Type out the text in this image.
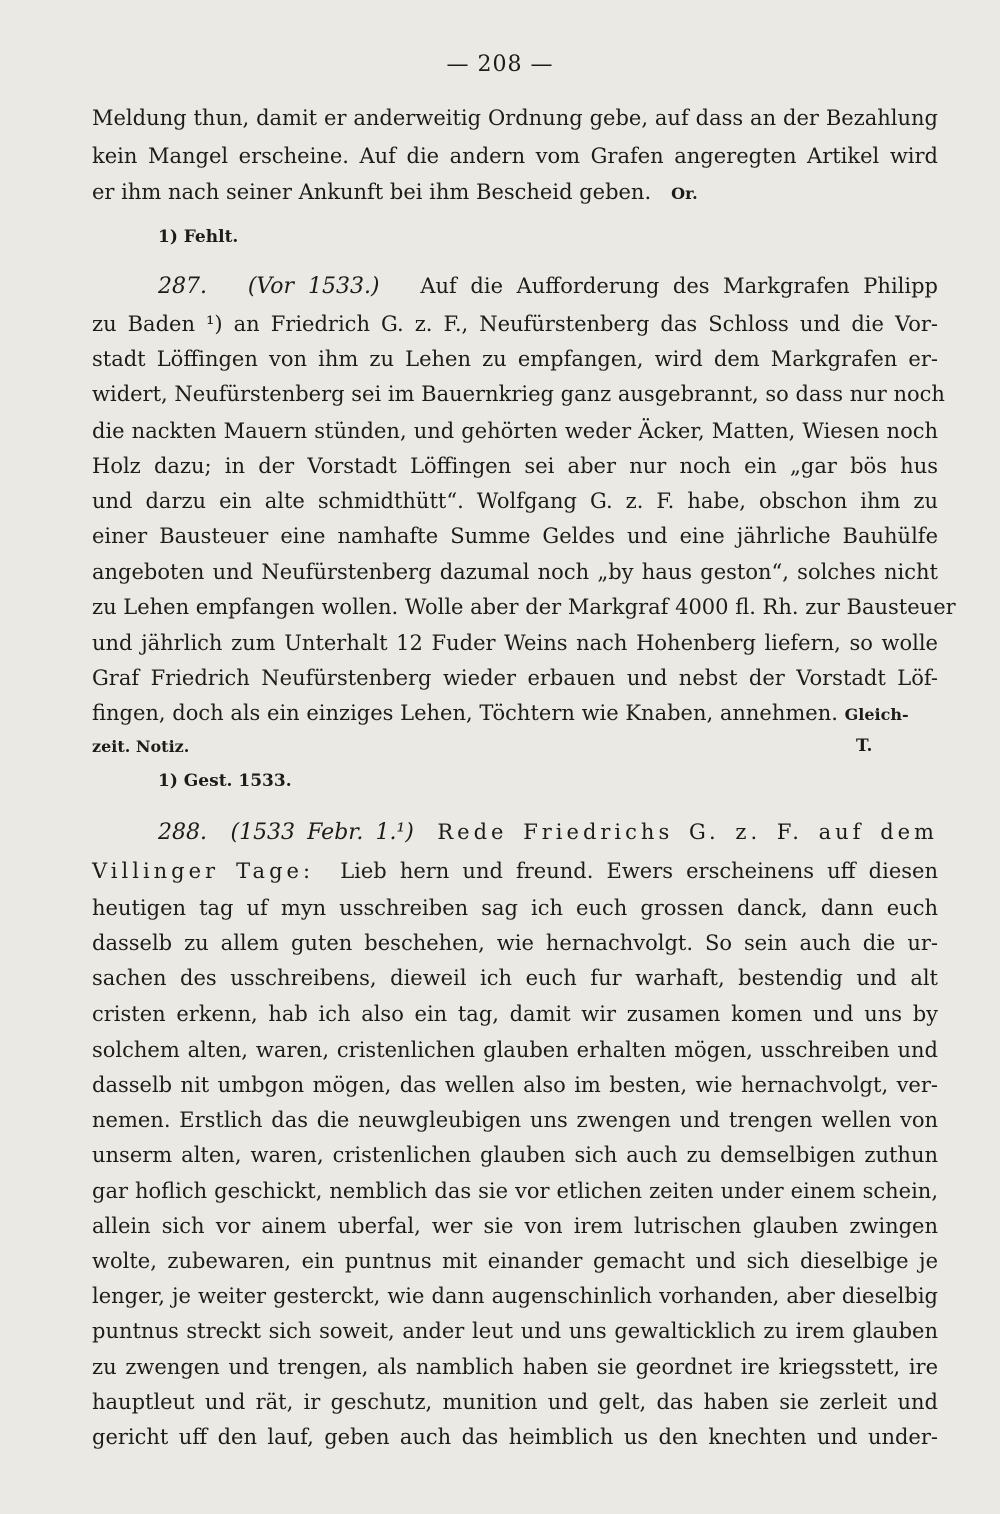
— 208 —
Meldung thun, damit er anderweitig Ordnung gebe, auf dass an der Bezahlung
kein Mangel erscheine. Auf die andern vom Grafen angeregten Artikel wird
er ihm nach seiner Ankunft bei ihm Bescheid geben. Or.
1) Fehlt.
287. (Vor 1533.) Auf die Aufforderung des Markgrafen Philipp
zu Baden ¹) an Friedrich G. z. F., Neufürstenberg das Schloss und die Vor-
stadt Löffingen von ihm zu Lehen zu empfangen, wird dem Markgrafen er-
widert, Neufürstenberg sei im Bauernkrieg ganz ausgebrannt, so dass nur noch
die nackten Mauern stünden, und gehörten weder Äcker, Matten, Wiesen noch
Holz dazu; in der Vorstadt Löffingen sei aber nur noch ein „gar bös hus
und darzu ein alte schmidthütt“. Wolfgang G. z. F. habe, obschon ihm zu
einer Bausteuer eine namhafte Summe Geldes und eine jährliche Bauhülfe
angeboten und Neufürstenberg dazumal noch „by haus geston“, solches nicht
zu Lehen empfangen wollen. Wolle aber der Markgraf 4000 fl. Rh. zur Bausteuer
und jährlich zum Unterhalt 12 Fuder Weins nach Hohenberg liefern, so wolle
Graf Friedrich Neufürstenberg wieder erbauen und nebst der Vorstadt Löf-
fingen, doch als ein einziges Lehen, Töchtern wie Knaben, annehmen. Gleich-
zeit. Notiz.	T.
1) Gest. 1533.
288. (1533 Febr. 1.¹) Rede Friedrichs G. z. F. auf dem
Villinger Tage: Lieb hern und freund. Ewers erscheinens uff diesen
heutigen tag uf myn usschreiben sag ich euch grossen danck, dann euch
dasselb zu allem guten beschehen, wie hernachvolgt. So sein auch die ur-
sachen des usschreibens, dieweil ich euch fur warhaft, bestendig und alt
cristen erkenn, hab ich also ein tag, damit wir zusamen komen und uns by
solchem alten, waren, cristenlichen glauben erhalten mögen, usschreiben und
dasselb nit umbgon mögen, das wellen also im besten, wie hernachvolgt, ver-
nemen. Erstlich das die neuwgleubigen uns zwengen und trengen wellen von
unserm alten, waren, cristenlichen glauben sich auch zu demselbigen zuthun
gar hoflich geschickt, nemblich das sie vor etlichen zeiten under einem schein,
allein sich vor ainem uberfal, wer sie von irem lutrischen glauben zwingen
wolte, zubewaren, ein puntnus mit einander gemacht und sich dieselbige je
lenger, je weiter gesterckt, wie dann augenschinlich vorhanden, aber dieselbig
puntnus streckt sich soweit, ander leut und uns gewalticklich zu irem glauben
zu zwengen und trengen, als namblich haben sie geordnet ire kriegsstett, ire
hauptleut und rät, ir geschutz, munition und gelt, das haben sie zerleit und
gericht uff den lauf, geben auch das heimblich us den knechten und under-
